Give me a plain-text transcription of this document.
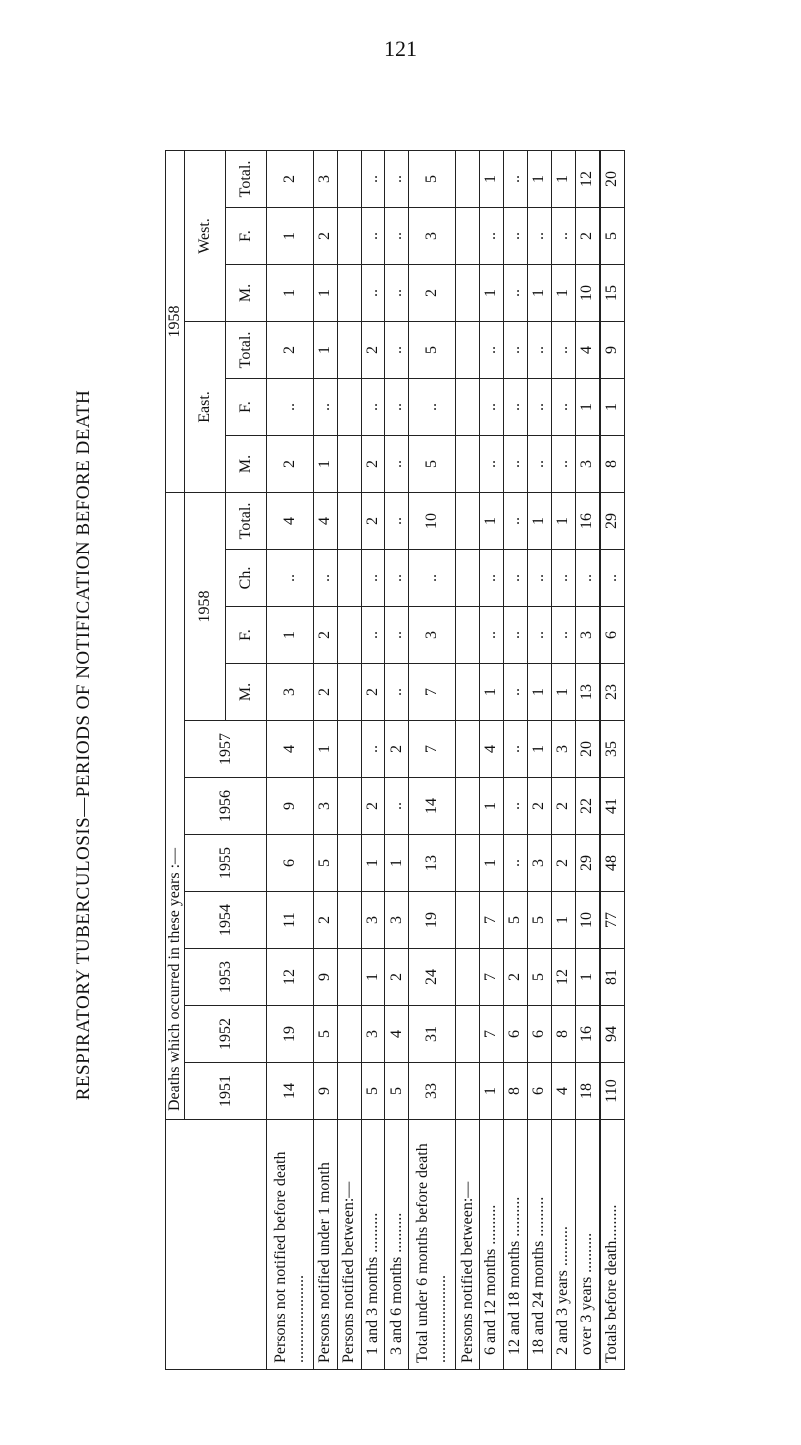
121
RESPIRATORY TUBERCULOSIS—PERIODS OF NOTIFICATION BEFORE DEATH
		Deaths which occurred in these years :—											1958					
	1951	1952	1953	1954	1955	1956	1957	1958				East.			West.		
								M.	F.	Ch.	Total.	M.	F.	Total.	M.	F.	Total.
Persons not notified before death ......................	14	19	12	11	6	9	4	3	1	..	4	2	..	2	1	1	2
Persons notified under 1 month	9	5	9	2	5	3	1	2	2	..	4	1	..	1	1	2	3
Persons notified between:—																	
1 and 3 months ..........	5	3	1	3	1	2	..	2	..	..	2	2	..	2	..	..	..
3 and 6 months ..........	5	4	2	3	1	..	2	..	..	..	..	..	..	..	..	..	..
Total under 6 months before death ......................	33	31	24	19	13	14	7	7	3	..	10	5	..	5	2	3	5
Persons notified between:—																	
6 and 12 months ..........	1	7	7	7	1	1	4	1	..	..	1	..	..	..	1	..	1
12 and 18 months ..........	8	6	2	5	..	..	..	..	..	..	..	..	..	..	..	..	..
18 and 24 months ..........	6	6	5	5	3	2	1	1	..	..	1	..	..	..	1	..	1
2 and 3 years ..........	4	8	12	1	2	2	3	1	..	..	1	..	..	..	1	..	1
over 3 years ..........	18	16	1	10	29	22	20	13	3	..	16	3	1	4	10	2	12
Totals before death.........	110	94	81	77	48	41	35	23	6	..	29	8	1	9	15	5	20
